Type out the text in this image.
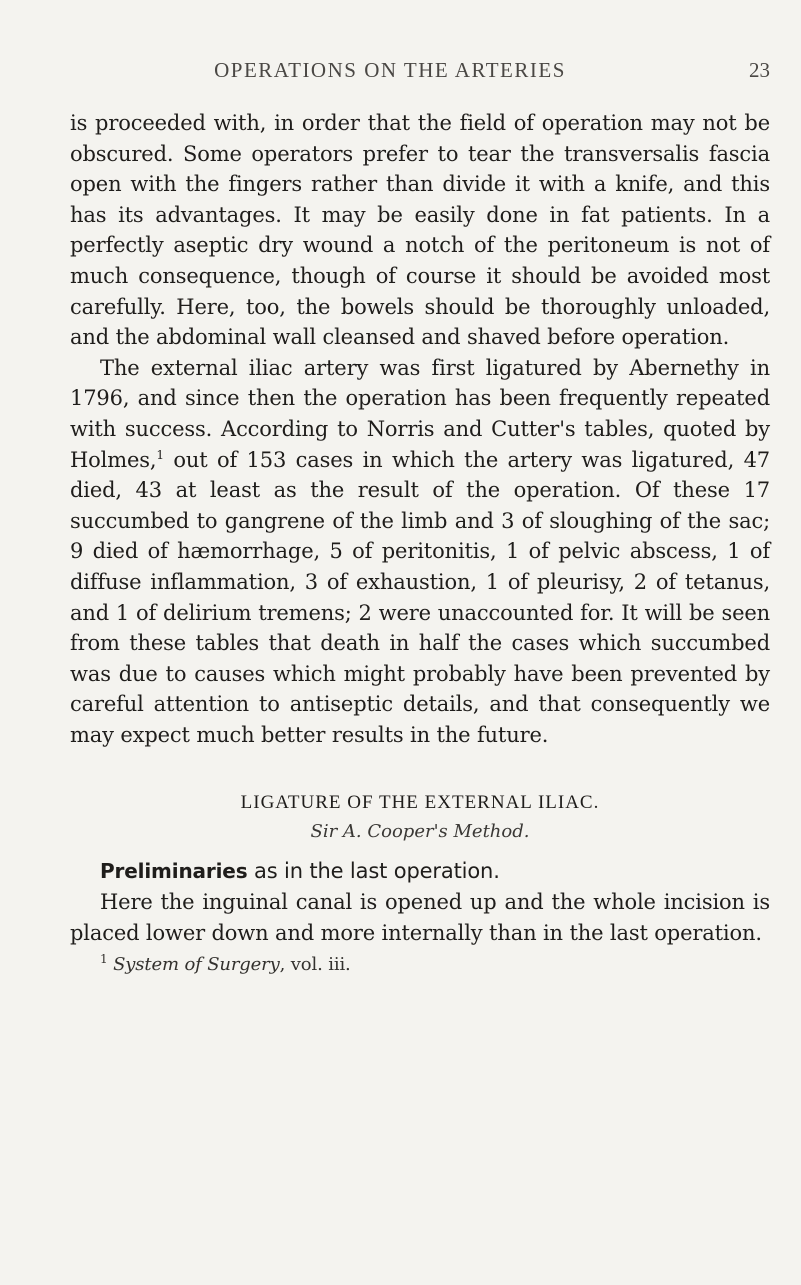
OPERATIONS ON THE ARTERIES	23

is proceeded with, in order that the field of operation may not be obscured. Some operators prefer to tear the transversalis fascia open with the fingers rather than divide it with a knife, and this has its advantages. It may be easily done in fat patients. In a perfectly aseptic dry wound a notch of the peritoneum is not of much consequence, though of course it should be avoided most carefully. Here, too, the bowels should be thoroughly unloaded, and the abdominal wall cleansed and shaved before operation.

The external iliac artery was first ligatured by Abernethy in 1796, and since then the operation has been frequently repeated with success. According to Norris and Cutter's tables, quoted by Holmes,$^1$ out of 153 cases in which the artery was ligatured, 47 died, 43 at least as the result of the operation. Of these 17 succumbed to gangrene of the limb and 3 of sloughing of the sac; 9 died of hæmorrhage, 5 of peritonitis, 1 of pelvic abscess, 1 of diffuse inflammation, 3 of exhaustion, 1 of pleurisy, 2 of tetanus, and 1 of delirium tremens; 2 were unaccounted for. It will be seen from these tables that death in half the cases which succumbed was due to causes which might probably have been prevented by careful attention to antiseptic details, and that consequently we may expect much better results in the future.

LIGATURE OF THE EXTERNAL ILIAC.
Sir A. Cooper's Method.

Preliminaries as in the last operation.

Here the inguinal canal is opened up and the whole incision is placed lower down and more internally than in the last operation.

$^1$ System of Surgery, vol. iii.
